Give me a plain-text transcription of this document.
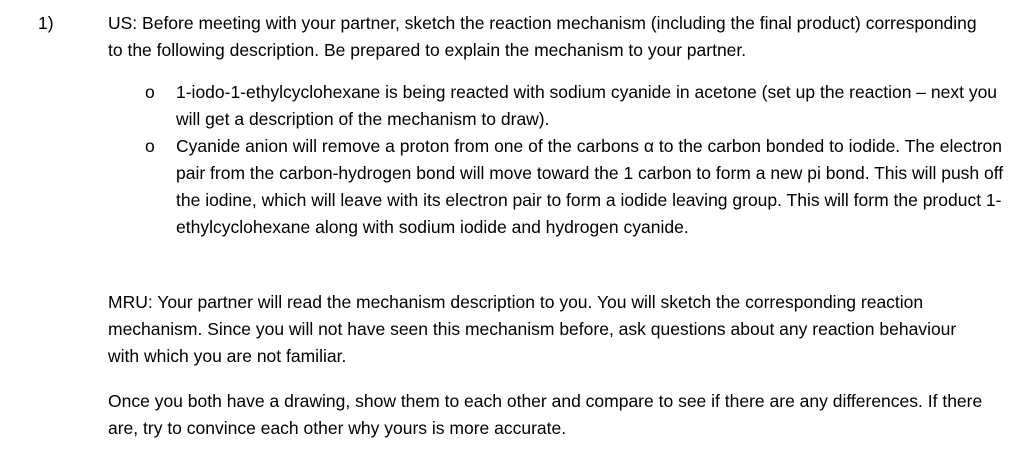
1)	US: Before meeting with your partner, sketch the reaction mechanism (including the final product) corresponding to the following description. Be prepared to explain the mechanism to your partner.

o 1-iodo-1-ethylcyclohexane is being reacted with sodium cyanide in acetone (set up the reaction – next you will get a description of the mechanism to draw).
o Cyanide anion will remove a proton from one of the carbons α to the carbon bonded to iodide. The electron pair from the carbon-hydrogen bond will move toward the 1 carbon to form a new pi bond. This will push off the iodine, which will leave with its electron pair to form a iodide leaving group. This will form the product 1-ethylcyclohexane along with sodium iodide and hydrogen cyanide.

MRU: Your partner will read the mechanism description to you. You will sketch the corresponding reaction mechanism. Since you will not have seen this mechanism before, ask questions about any reaction behaviour with which you are not familiar.

Once you both have a drawing, show them to each other and compare to see if there are any differences. If there are, try to convince each other why yours is more accurate.
